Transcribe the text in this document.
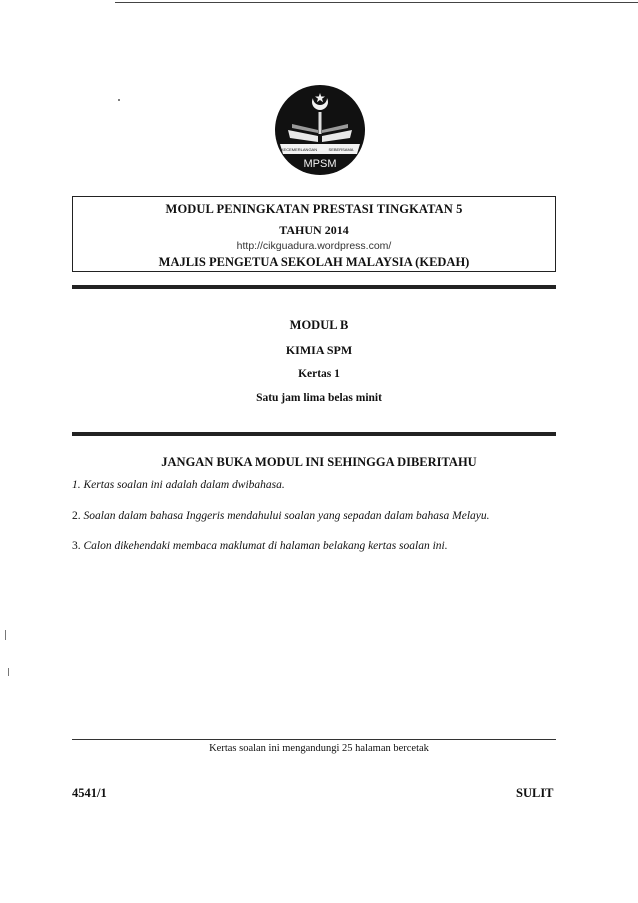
KECEMERLANGAN	SEBERSAMA
MPSM
MODUL PENINGKATAN PRESTASI TINGKATAN 5
TAHUN 2014
http://cikguadura.wordpress.com/
MAJLIS PENGETUA SEKOLAH MALAYSIA (KEDAH)
MODUL B
KIMIA SPM
Kertas 1
Satu jam lima belas minit
JANGAN BUKA MODUL INI SEHINGGA DIBERITAHU
1. Kertas soalan ini adalah dalam dwibahasa.
2. Soalan dalam bahasa Inggeris mendahului soalan yang sepadan dalam bahasa Melayu.
3. Calon dikehendaki membaca maklumat di halaman belakang kertas soalan ini.
Kertas soalan ini mengandungi 25 halaman bercetak
4541/1	SULIT
